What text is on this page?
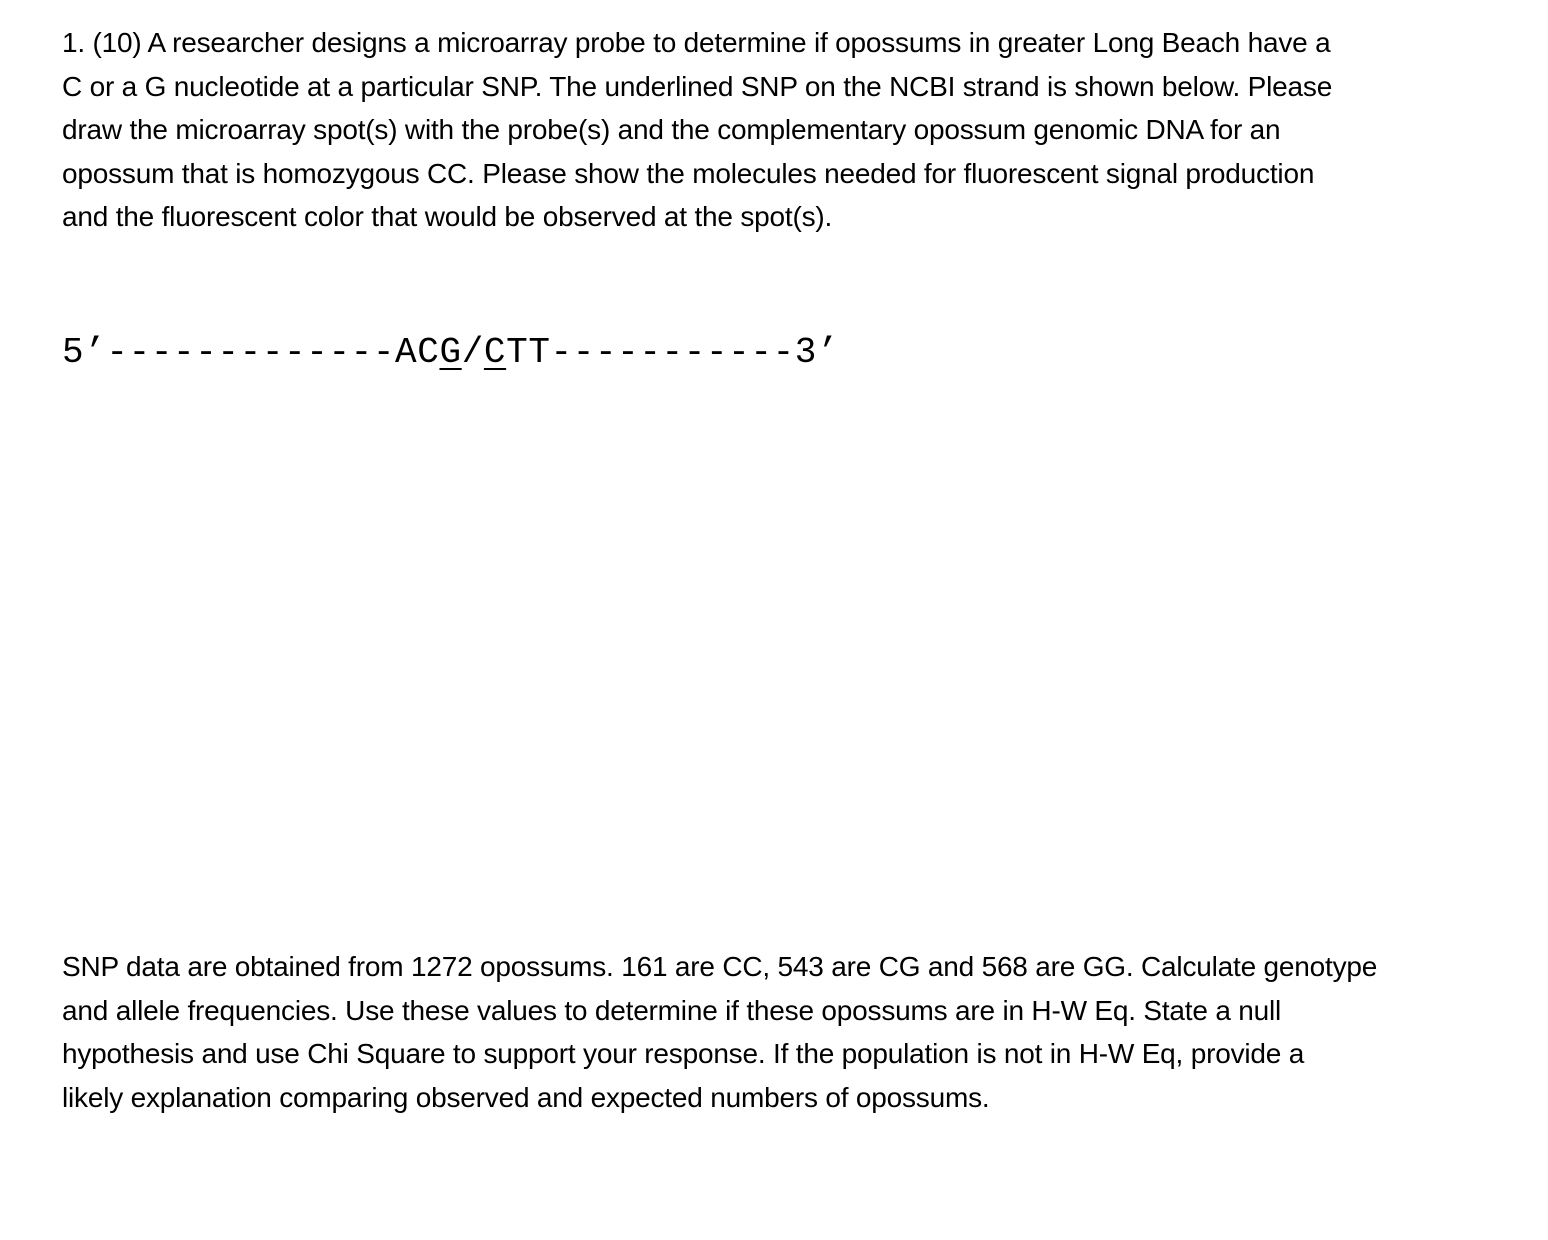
1. (10) A researcher designs a microarray probe to determine if opossums in greater Long Beach have a
C or a G nucleotide at a particular SNP. The underlined SNP on the NCBI strand is shown below. Please
draw the microarray spot(s) with the probe(s) and the complementary opossum genomic DNA for an
opossum that is homozygous CC. Please show the molecules needed for fluorescent signal production
and the fluorescent color that would be observed at the spot(s).
5’-------------ACG/CTT-----------3’
SNP data are obtained from 1272 opossums. 161 are CC, 543 are CG and 568 are GG. Calculate genotype
and allele frequencies. Use these values to determine if these opossums are in H-W Eq. State a null
hypothesis and use Chi Square to support your response. If the population is not in H-W Eq, provide a
likely explanation comparing observed and expected numbers of opossums.
